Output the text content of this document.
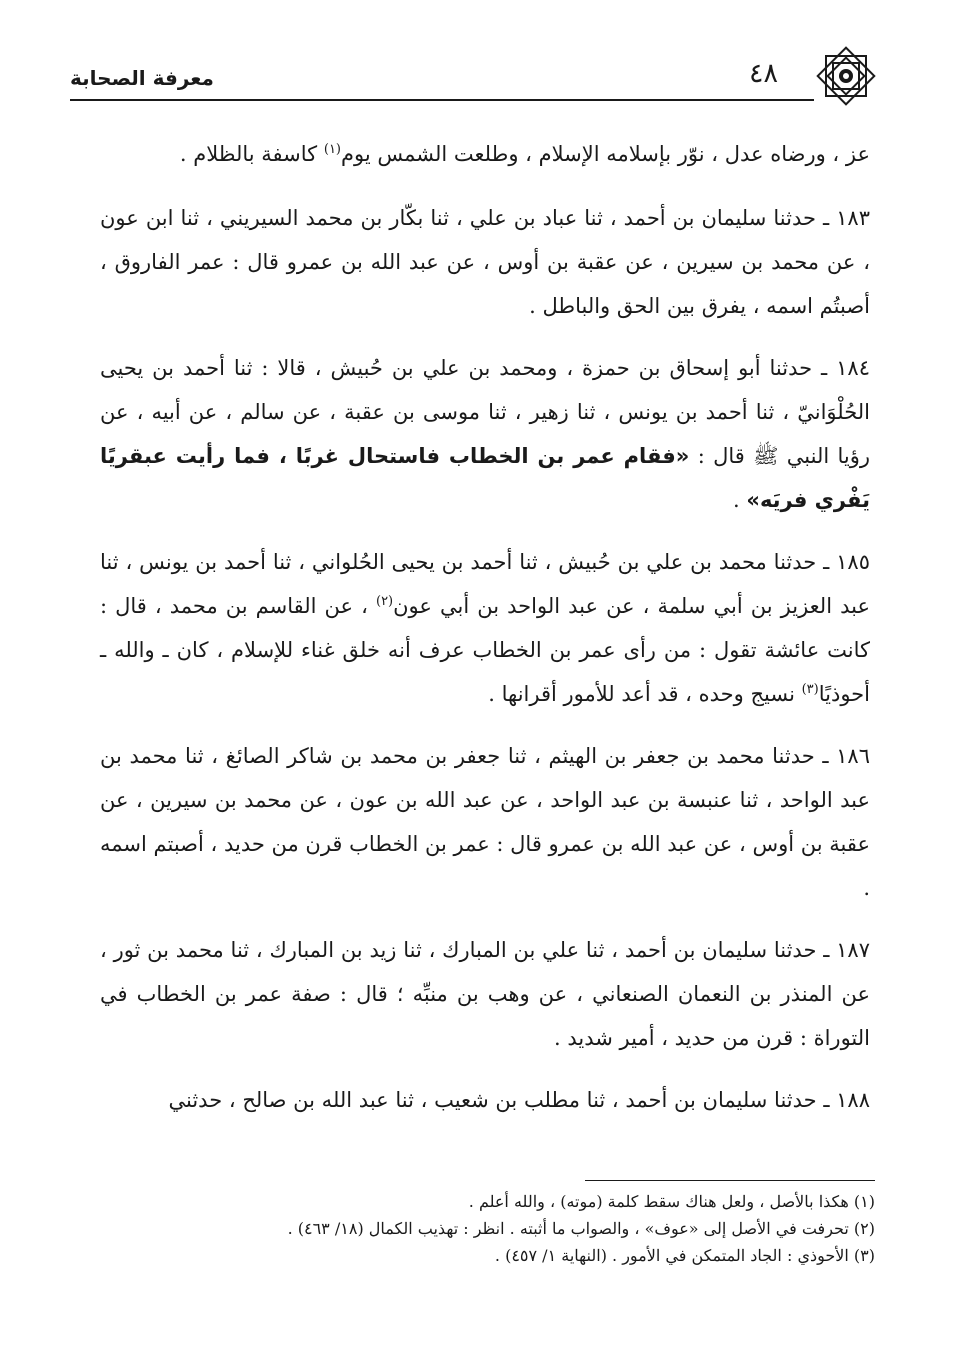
٤٨
معرفة الصحابة

عز ، ورضاه عدل ، نوّر بإسلامه الإسلام ، وطلعت الشمس يوم$^{(١)}$ كاسفة بالظلام .

١٨٣ ـ حدثنا سليمان بن أحمد ، ثنا عباد بن علي ، ثنا بكّار بن محمد السيريني ، ثنا ابن عون ، عن محمد بن سيرين ، عن عقبة بن أوس ، عن عبد الله بن عمرو قال : عمر الفاروق ، أصبتُم اسمه ، يفرق بين الحق والباطل .

١٨٤ ـ حدثنا أبو إسحاق بن حمزة ، ومحمد بن علي بن حُبيش ، قالا : ثنا أحمد بن يحيى الحُلْوَانيّ ، ثنا أحمد بن يونس ، ثنا زهير ، ثنا موسى بن عقبة ، عن سالم ، عن أبيه ، عن رؤيا النبي ﷺ قال : «فقام عمر بن الخطاب فاستحال غربًا ، فما رأيت عبقريًا يَفْري فريَه» .

١٨٥ ـ حدثنا محمد بن علي بن حُبيش ، ثنا أحمد بن يحيى الحُلواني ، ثنا أحمد بن يونس ، ثنا عبد العزيز بن أبي سلمة ، عن عبد الواحد بن أبي عون$^{(٢)}$ ، عن القاسم بن محمد ، قال : كانت عائشة تقول : من رأى عمر بن الخطاب عرف أنه خلق غناء للإسلام ، كان ـ والله ـ أحوذيًا$^{(٣)}$ نسيج وحده ، قد أعد للأمور أقرانها .

١٨٦ ـ حدثنا محمد بن جعفر بن الهيثم ، ثنا جعفر بن محمد بن شاكر الصائغ ، ثنا محمد بن عبد الواحد ، ثنا عنبسة بن عبد الواحد ، عن عبد الله بن عون ، عن محمد بن سيرين ، عن عقبة بن أوس ، عن عبد الله بن عمرو قال : عمر بن الخطاب قرن من حديد ، أصبتم اسمه .

١٨٧ ـ حدثنا سليمان بن أحمد ، ثنا علي بن المبارك ، ثنا زيد بن المبارك ، ثنا محمد بن ثور ، عن المنذر بن النعمان الصنعاني ، عن وهب بن منبِّه ؛ قال : صفة عمر بن الخطاب في التوراة : قرن من حديد ، أمير شديد .

١٨٨ ـ حدثنا سليمان بن أحمد ، ثنا مطلب بن شعيب ، ثنا عبد الله بن صالح ، حدثني

(١) هكذا بالأصل ، ولعل هناك سقط كلمة (موته) ، والله أعلم .

(٢) تحرفت في الأصل إلى «عوف» ، والصواب ما أثبته . انظر : تهذيب الكمال (١٨/ ٤٦٣) .

(٣) الأحوذي : الجاد المتمكن في الأمور . (النهاية ١/ ٤٥٧) .
